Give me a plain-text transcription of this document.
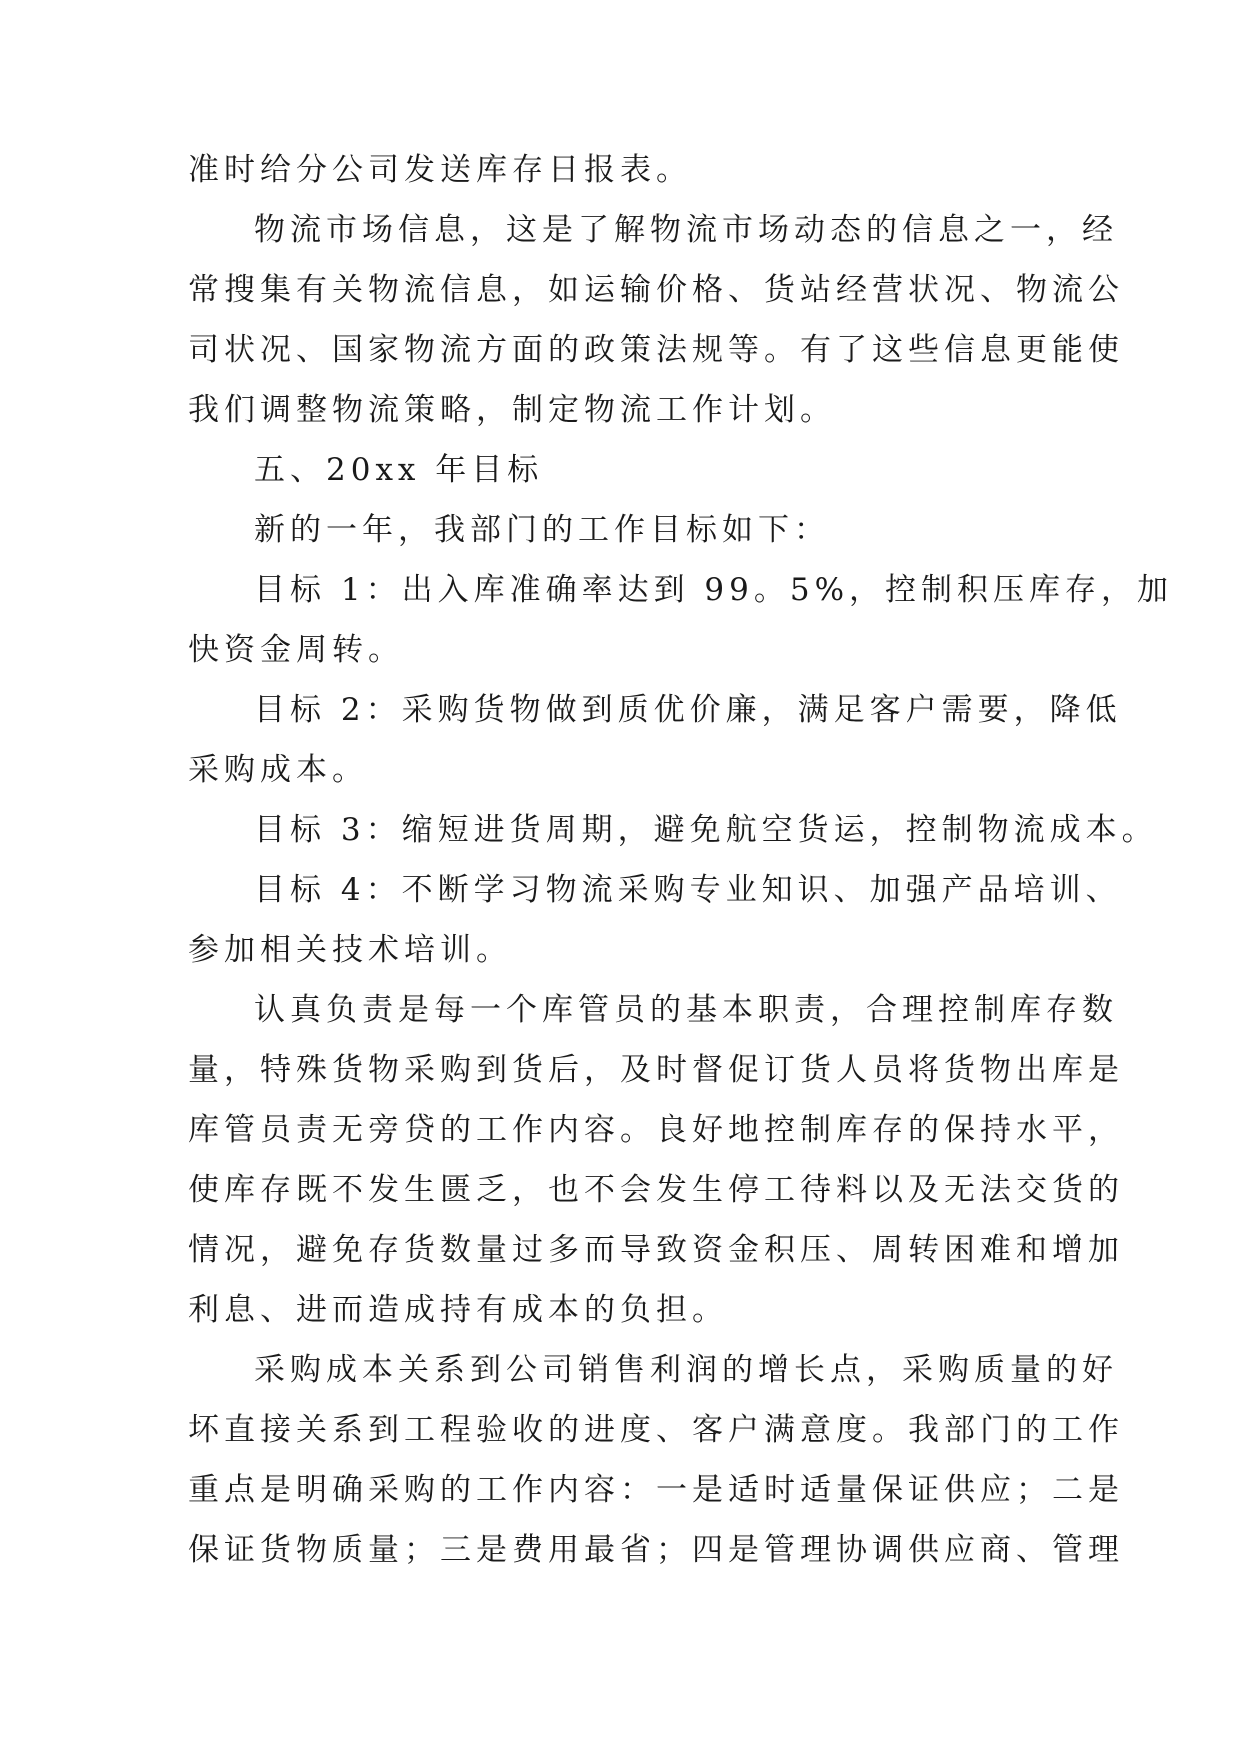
准时给分公司发送库存日报表。
物流市场信息，这是了解物流市场动态的信息之一，经
常搜集有关物流信息，如运输价格、货站经营状况、物流公
司状况、国家物流方面的政策法规等。有了这些信息更能使
我们调整物流策略，制定物流工作计划。
五、20xx 年目标
新的一年，我部门的工作目标如下：
目标 1：出入库准确率达到 99。5%，控制积压库存，加
快资金周转。
目标 2：采购货物做到质优价廉，满足客户需要，降低
采购成本。
目标 3：缩短进货周期，避免航空货运，控制物流成本。
目标 4：不断学习物流采购专业知识、加强产品培训、
参加相关技术培训。
认真负责是每一个库管员的基本职责，合理控制库存数
量，特殊货物采购到货后，及时督促订货人员将货物出库是
库管员责无旁贷的工作内容。良好地控制库存的保持水平，
使库存既不发生匮乏，也不会发生停工待料以及无法交货的
情况，避免存货数量过多而导致资金积压、周转困难和增加
利息、进而造成持有成本的负担。
采购成本关系到公司销售利润的增长点，采购质量的好
坏直接关系到工程验收的进度、客户满意度。我部门的工作
重点是明确采购的工作内容：一是适时适量保证供应；二是
保证货物质量；三是费用最省；四是管理协调供应商、管理
